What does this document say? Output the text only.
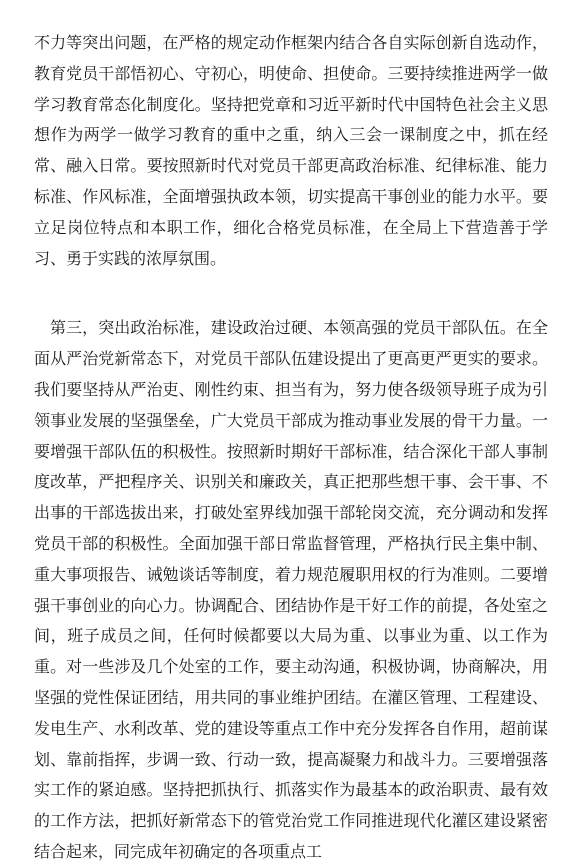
不力等突出问题，在严格的规定动作框架内结合各自实际创新自选动作，教育党员干部悟初心、守初心，明使命、担使命。三要持续推进两学一做学习教育常态化制度化。坚持把党章和习近平新时代中国特色社会主义思想作为两学一做学习教育的重中之重，纳入三会一课制度之中，抓在经常、融入日常。要按照新时代对党员干部更高政治标准、纪律标准、能力标准、作风标准，全面增强执政本领，切实提高干事创业的能力水平。要立足岗位特点和本职工作，细化合格党员标准，在全局上下营造善于学习、勇于实践的浓厚氛围。

第三，突出政治标准，建设政治过硬、本领高强的党员干部队伍。在全面从严治党新常态下，对党员干部队伍建设提出了更高更严更实的要求。我们要坚持从严治吏、刚性约束、担当有为，努力使各级领导班子成为引领事业发展的坚强堡垒，广大党员干部成为推动事业发展的骨干力量。一要增强干部队伍的积极性。按照新时期好干部标准，结合深化干部人事制度改革，严把程序关、识别关和廉政关，真正把那些想干事、会干事、不出事的干部选拔出来，打破处室界线加强干部轮岗交流，充分调动和发挥党员干部的积极性。全面加强干部日常监督管理，严格执行民主集中制、重大事项报告、诫勉谈话等制度，着力规范履职用权的行为准则。二要增强干事创业的向心力。协调配合、团结协作是干好工作的前提，各处室之间，班子成员之间，任何时候都要以大局为重、以事业为重、以工作为重。对一些涉及几个处室的工作，要主动沟通，积极协调，协商解决，用坚强的党性保证团结，用共同的事业维护团结。在灌区管理、工程建设、发电生产、水利改革、党的建设等重点工作中充分发挥各自作用，超前谋划、靠前指挥，步调一致、行动一致，提高凝聚力和战斗力。三要增强落实工作的紧迫感。坚持把抓执行、抓落实作为最基本的政治职责、最有效的工作方法，把抓好新常态下的管党治党工作同推进现代化灌区建设紧密结合起来，同完成年初确定的各项重点工
